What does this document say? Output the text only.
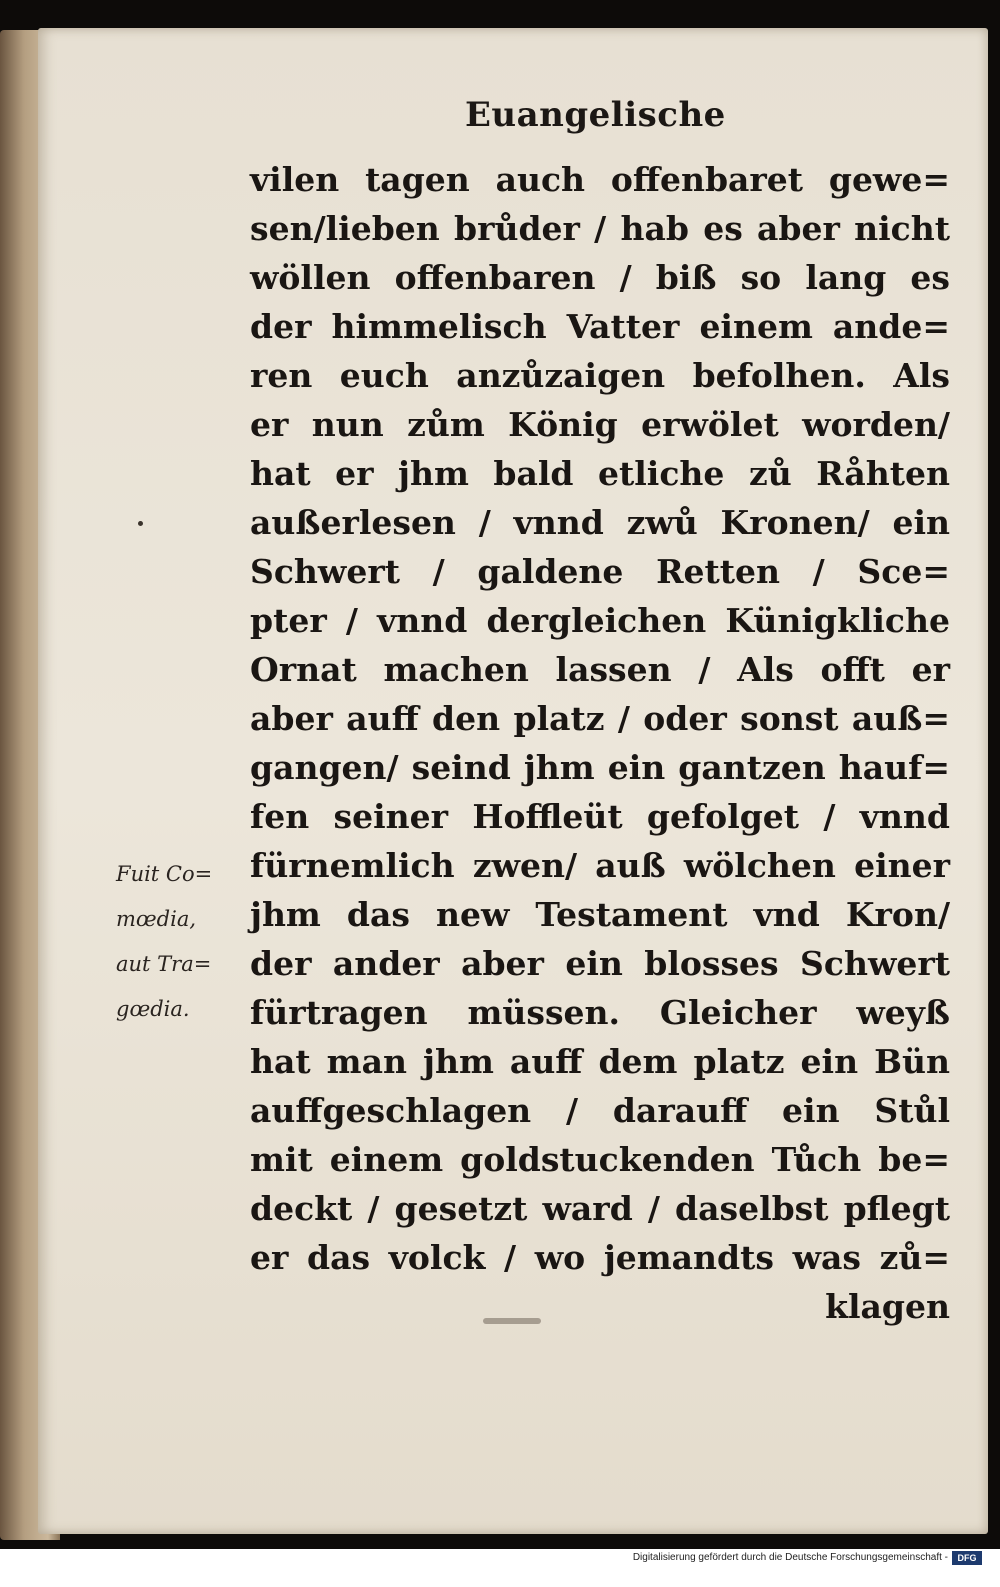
Euangelische
vilen tagen auch offenbaret gewe=
sen/lieben brůder / hab es aber nicht
wöllen offenbaren / biß so lang es
der himmelisch Vatter einem ande=
ren euch anzůzaigen befolhen. Als
er nun zům König erwölet worden/
hat er jhm bald etliche zů Råhten
außerlesen / vnnd zwů Kronen/ ein
Schwert / galdene Retten / Sce=
pter / vnnd dergleichen Künigkliche
Ornat machen lassen / Als offt er
aber auff den platz / oder sonst auß=
gangen/ seind jhm ein gantzen hauf=
fen seiner Hoffleüt gefolget / vnnd
fürnemlich zwen/ auß wölchen einer
jhm das new Testament vnd Kron/
der ander aber ein blosses Schwert
fürtragen müssen. Gleicher weyß
hat man jhm auff dem platz ein Bün
auffgeschlagen / darauff ein Stůl
mit einem goldstuckenden Tůch be=
deckt / gesetzt ward / daselbst pflegt
er das volck / wo jemandts was zů=
klagen
Fuit Co=
mœdia,
aut Tra=
gœdia.
Digitalisierung gefördert durch die Deutsche Forschungsgemeinschaft -	DFG
